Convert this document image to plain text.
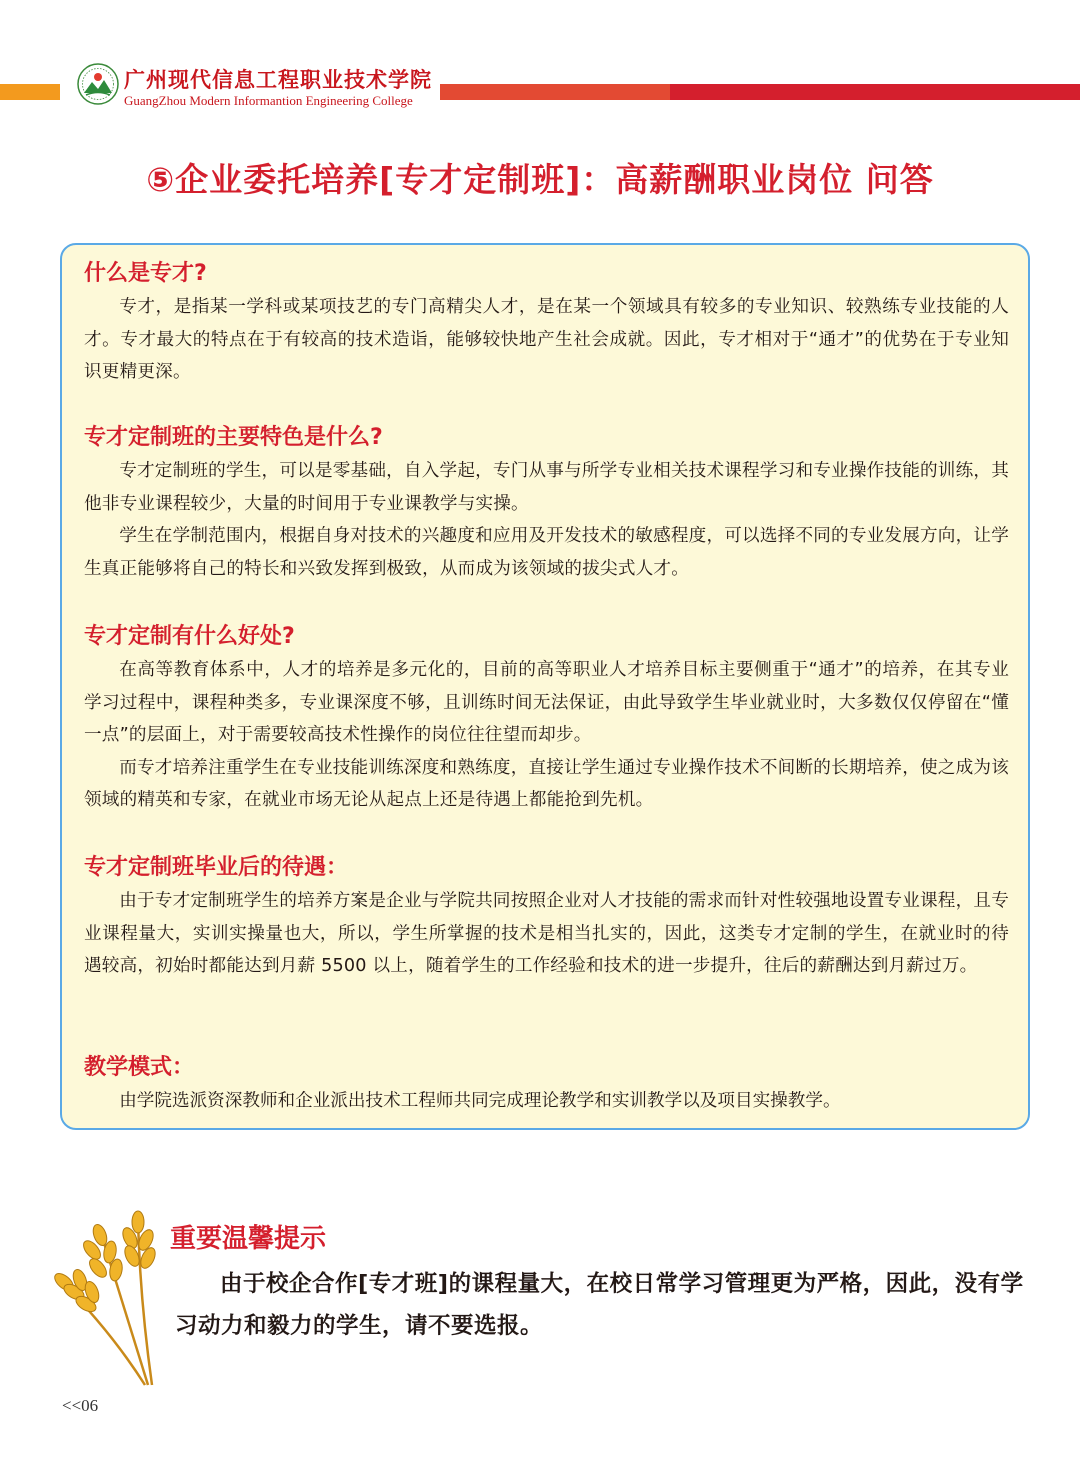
广州现代信息工程职业技术学院
GuangZhou Modern Informantion Engineering College
⑤企业委托培养[专才定制班]：高薪酬职业岗位 问答
什么是专才?

专才，是指某一学科或某项技艺的专门高精尖人才，是在某一个领域具有较多的专业知识、较熟练专业技能的人才。专才最大的特点在于有较高的技术造诣，能够较快地产生社会成就。因此，专才相对于“通才”的优势在于专业知识更精更深。

专才定制班的主要特色是什么?

专才定制班的学生，可以是零基础，自入学起，专门从事与所学专业相关技术课程学习和专业操作技能的训练，其他非专业课程较少，大量的时间用于专业课教学与实操。

学生在学制范围内，根据自身对技术的兴趣度和应用及开发技术的敏感程度，可以选择不同的专业发展方向，让学生真正能够将自己的特长和兴致发挥到极致，从而成为该领域的拔尖式人才。

专才定制有什么好处?

在高等教育体系中，人才的培养是多元化的，目前的高等职业人才培养目标主要侧重于“通才”的培养，在其专业学习过程中，课程种类多，专业课深度不够，且训练时间无法保证，由此导致学生毕业就业时，大多数仅仅停留在“懂一点”的层面上，对于需要较高技术性操作的岗位往往望而却步。

而专才培养注重学生在专业技能训练深度和熟练度，直接让学生通过专业操作技术不间断的长期培养，使之成为该领域的精英和专家，在就业市场无论从起点上还是待遇上都能抢到先机。

专才定制班毕业后的待遇：

由于专才定制班学生的培养方案是企业与学院共同按照企业对人才技能的需求而针对性较强地设置专业课程，且专业课程量大，实训实操量也大，所以，学生所掌握的技术是相当扎实的，因此，这类专才定制的学生，在就业时的待遇较高，初始时都能达到月薪 5500 以上，随着学生的工作经验和技术的进一步提升，往后的薪酬达到月薪过万。

教学模式：

由学院选派资深教师和企业派出技术工程师共同完成理论教学和实训教学以及项目实操教学。

重要温馨提示

由于校企合作[专才班]的课程量大，在校日常学习管理更为严格，因此，没有学习动力和毅力的学生，请不要选报。

<<06
